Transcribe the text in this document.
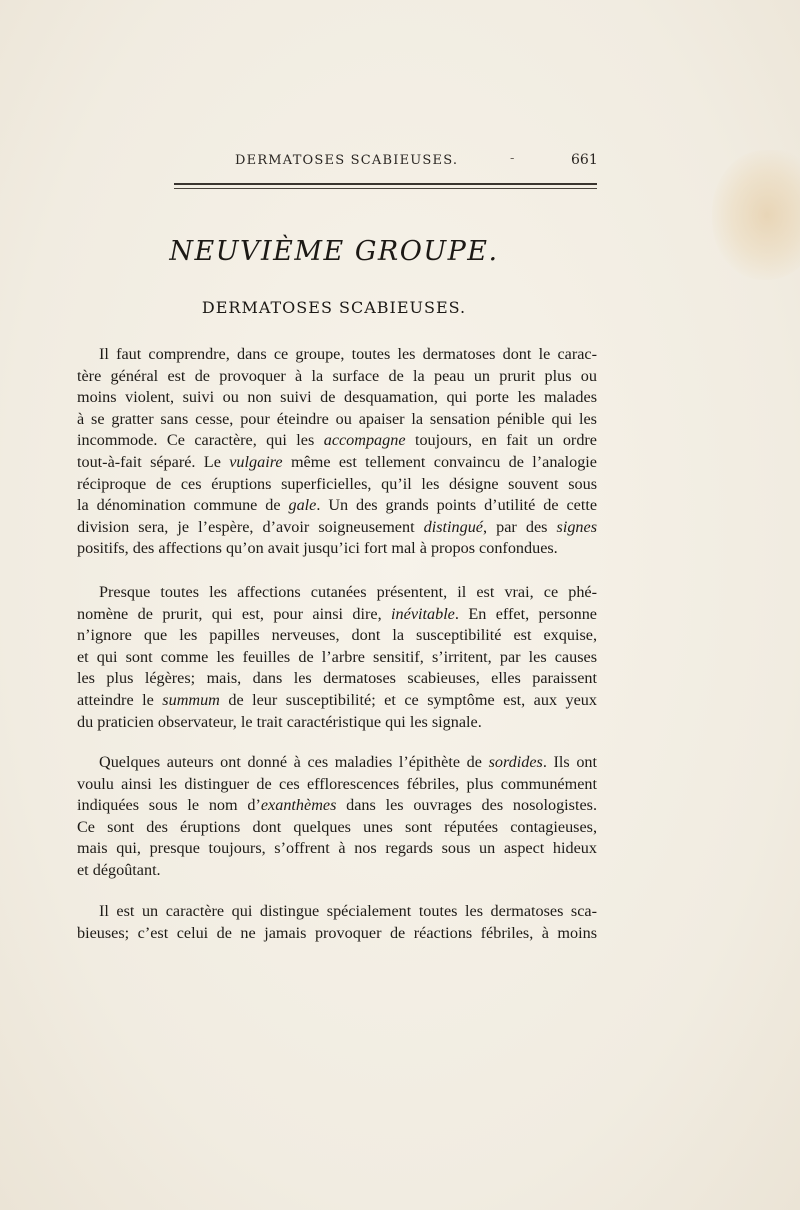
DERMATOSES SCABIEUSES.	-	661
NEUVIÈME GROUPE.
DERMATOSES SCABIEUSES.
Il faut comprendre, dans ce groupe, toutes les dermatoses dont le carac-
tère général est de provoquer à la surface de la peau un prurit plus ou
moins violent, suivi ou non suivi de desquamation, qui porte les malades
à se gratter sans cesse, pour éteindre ou apaiser la sensation pénible qui les
incommode. Ce caractère, qui les accompagne toujours, en fait un ordre
tout-à-fait séparé. Le vulgaire même est tellement convaincu de l’analogie
réciproque de ces éruptions superficielles, qu’il les désigne souvent sous
la dénomination commune de gale. Un des grands points d’utilité de cette
division sera, je l’espère, d’avoir soigneusement distingué, par des signes
positifs, des affections qu’on avait jusqu’ici fort mal à propos confondues.
Presque toutes les affections cutanées présentent, il est vrai, ce phé-
nomène de prurit, qui est, pour ainsi dire, inévitable. En effet, personne
n’ignore que les papilles nerveuses, dont la susceptibilité est exquise,
et qui sont comme les feuilles de l’arbre sensitif, s’irritent, par les causes
les plus légères; mais, dans les dermatoses scabieuses, elles paraissent
atteindre le summum de leur susceptibilité; et ce symptôme est, aux yeux
du praticien observateur, le trait caractéristique qui les signale.
Quelques auteurs ont donné à ces maladies l’épithète de sordides. Ils ont
voulu ainsi les distinguer de ces efflorescences fébriles, plus communément
indiquées sous le nom d’exanthèmes dans les ouvrages des nosologistes.
Ce sont des éruptions dont quelques unes sont réputées contagieuses,
mais qui, presque toujours, s’offrent à nos regards sous un aspect hideux
et dégoûtant.
Il est un caractère qui distingue spécialement toutes les dermatoses sca-
bieuses; c’est celui de ne jamais provoquer de réactions fébriles, à moins
